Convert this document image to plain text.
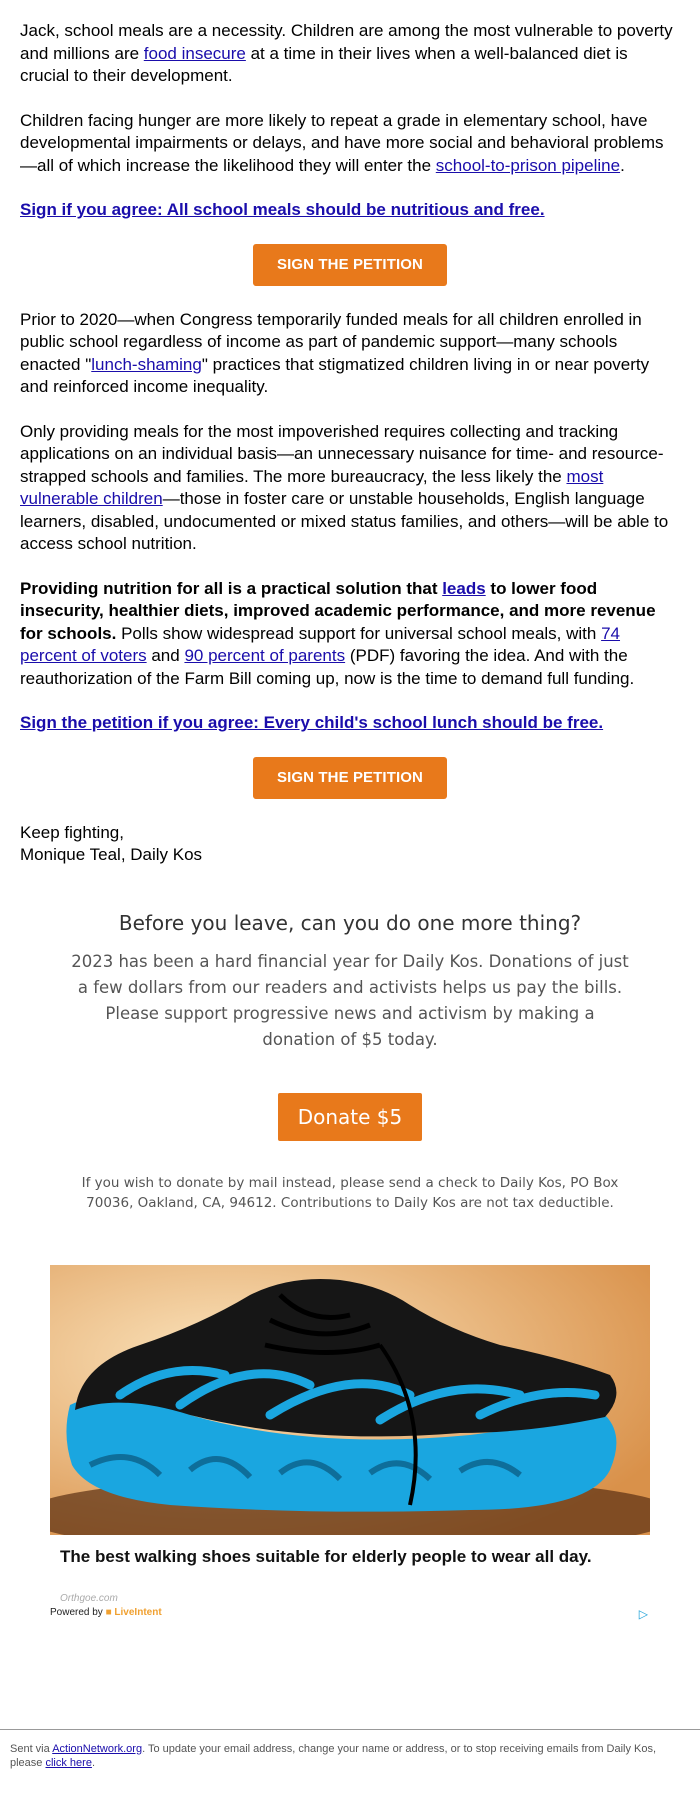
Jack, school meals are a necessity. Children are among the most vulnerable to poverty and millions are food insecure at a time in their lives when a well-balanced diet is crucial to their development.

Children facing hunger are more likely to repeat a grade in elementary school, have developmental impairments or delays, and have more social and behavioral problems—all of which increase the likelihood they will enter the school-to-prison pipeline.

Sign if you agree: All school meals should be nutritious and free.

SIGN THE PETITION

Prior to 2020—when Congress temporarily funded meals for all children enrolled in public school regardless of income as part of pandemic support—many schools enacted "lunch-shaming" practices that stigmatized children living in or near poverty and reinforced income inequality.

Only providing meals for the most impoverished requires collecting and tracking applications on an individual basis—an unnecessary nuisance for time- and resource-strapped schools and families. The more bureaucracy, the less likely the most vulnerable children—those in foster care or unstable households, English language learners, disabled, undocumented or mixed status families, and others—will be able to access school nutrition.

Providing nutrition for all is a practical solution that leads to lower food insecurity, healthier diets, improved academic performance, and more revenue for schools. Polls show widespread support for universal school meals, with 74 percent of voters and 90 percent of parents (PDF) favoring the idea. And with the reauthorization of the Farm Bill coming up, now is the time to demand full funding.

Sign the petition if you agree: Every child's school lunch should be free.

SIGN THE PETITION

Keep fighting,
Monique Teal, Daily Kos

Before you leave, can you do one more thing?

2023 has been a hard financial year for Daily Kos. Donations of just a few dollars from our readers and activists helps us pay the bills. Please support progressive news and activism by making a donation of $5 today.

Donate $5

If you wish to donate by mail instead, please send a check to Daily Kos, PO Box 70036, Oakland, CA, 94612. Contributions to Daily Kos are not tax deductible.

The best walking shoes suitable for elderly people to wear all day.

Orthgoe.com
Powered by ■ LiveIntent	▷
Sent via ActionNetwork.org. To update your email address, change your name or address, or to stop receiving emails from Daily Kos, please click here.
